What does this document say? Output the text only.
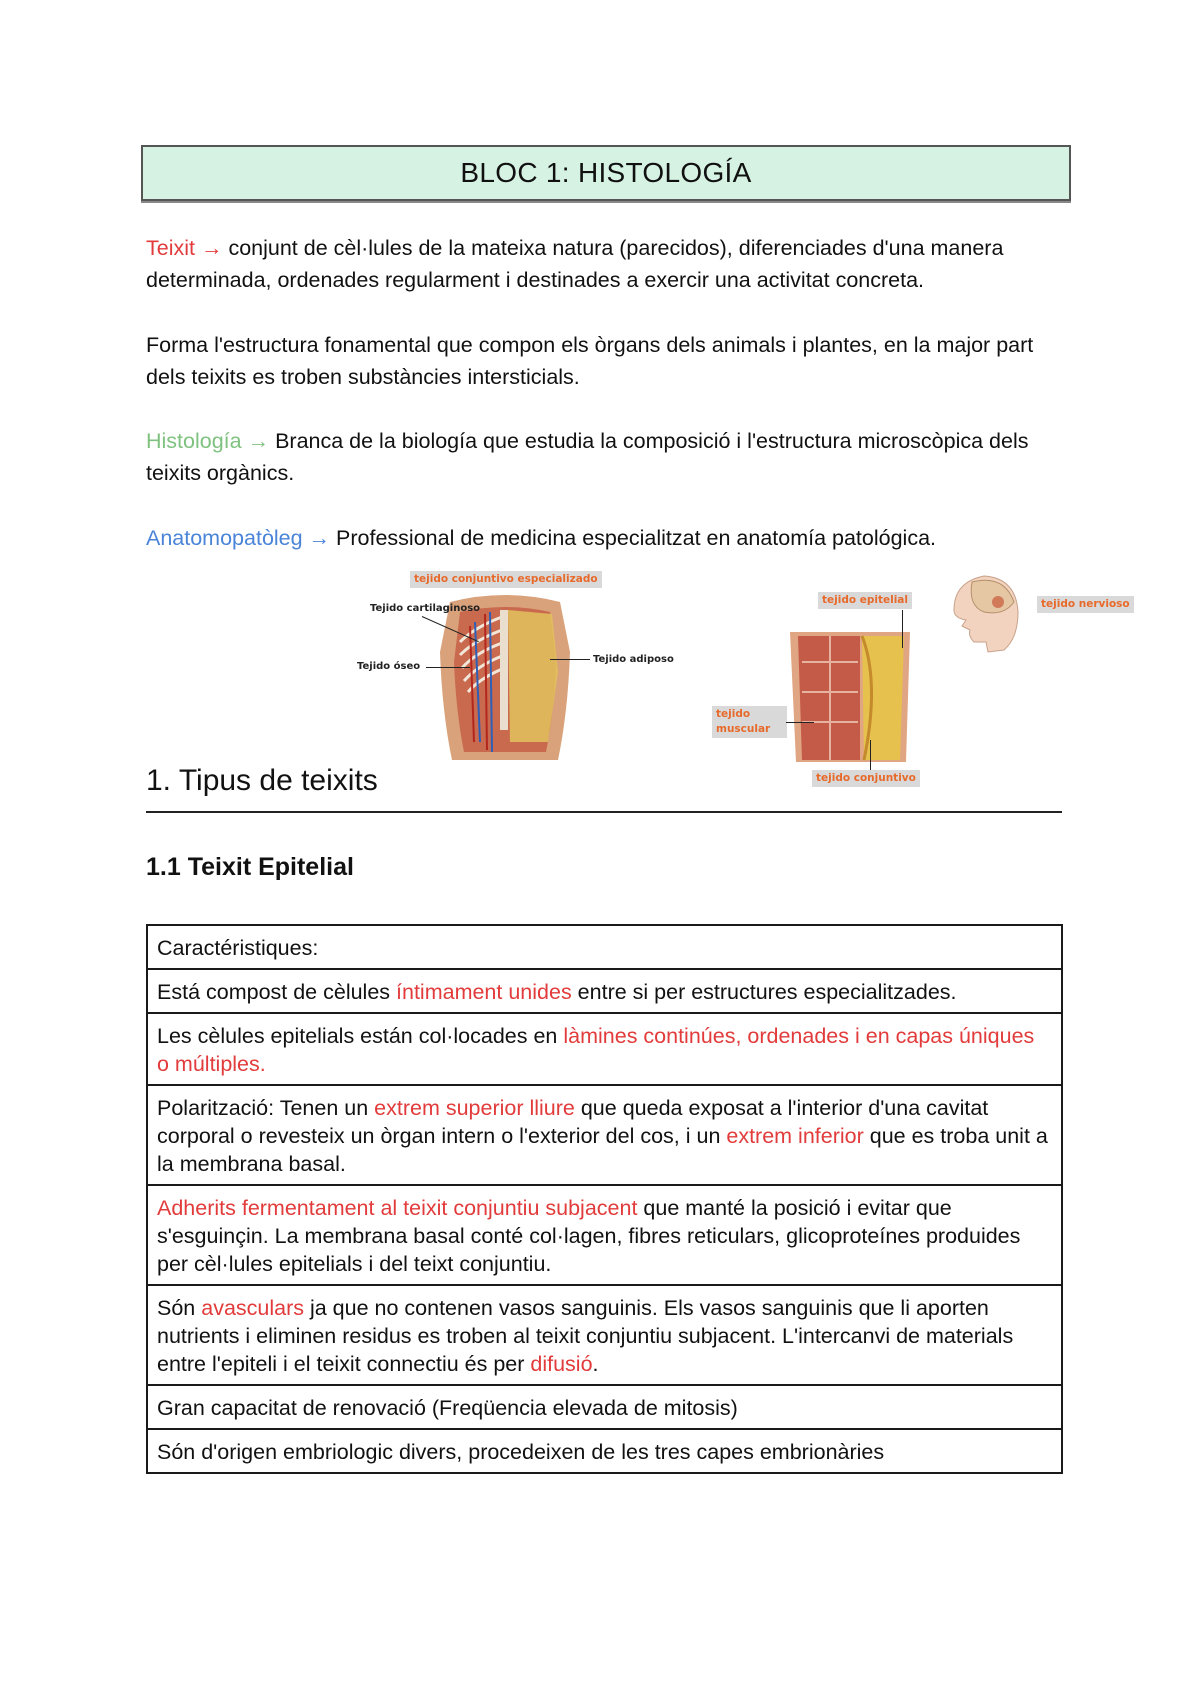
BLOC 1: HISTOLOGÍA
Teixit → conjunt de cèl·lules de la mateixa natura (parecidos), diferenciades d'una manera determinada, ordenades regularment i destinades a exercir una activitat concreta.
Forma l'estructura fonamental que compon els òrgans dels animals i plantes, en la major part dels teixits es troben substàncies intersticials.
Histología → Branca de la biología que estudia la composició i l'estructura microscòpica dels teixits orgànics.
Anatomopatòleg → Professional de medicina especialitzat en anatomía patológica.
tejido conjuntivo especializado
Tejido cartilaginoso
Tejido óseo
Tejido adiposo
tejido epitelial
tejido muscular
tejido conjuntivo
tejido nervioso
1. Tipus de teixits
1.1 Teixit Epitelial
Caractéristiques:
Está compost de cèlules íntimament unides entre si per estructures especialitzades.
Les cèlules epitelials están col·locades en làmines continúes, ordenades i en capas úniques o múltiples.
Polarització: Tenen un extrem superior lliure que queda exposat a l'interior d'una cavitat corporal o revesteix un òrgan intern o l'exterior del cos, i un extrem inferior que es troba unit a la membrana basal.
Adherits fermentament al teixit conjuntiu subjacent que manté la posició i evitar que s'esguinçin. La membrana basal conté col·lagen, fibres reticulars, glicoproteínes produides per cèl·lules epitelials i del teixt conjuntiu.
Són avasculars ja que no contenen vasos sanguinis. Els vasos sanguinis que li aporten nutrients i eliminen residus es troben al teixit conjuntiu subjacent. L'intercanvi de materials entre l'epiteli i el teixit connectiu és per difusió.
Gran capacitat de renovació (Freqüencia elevada de mitosis)
Són d'origen embriologic divers, procedeixen de les tres capes embrionàries
